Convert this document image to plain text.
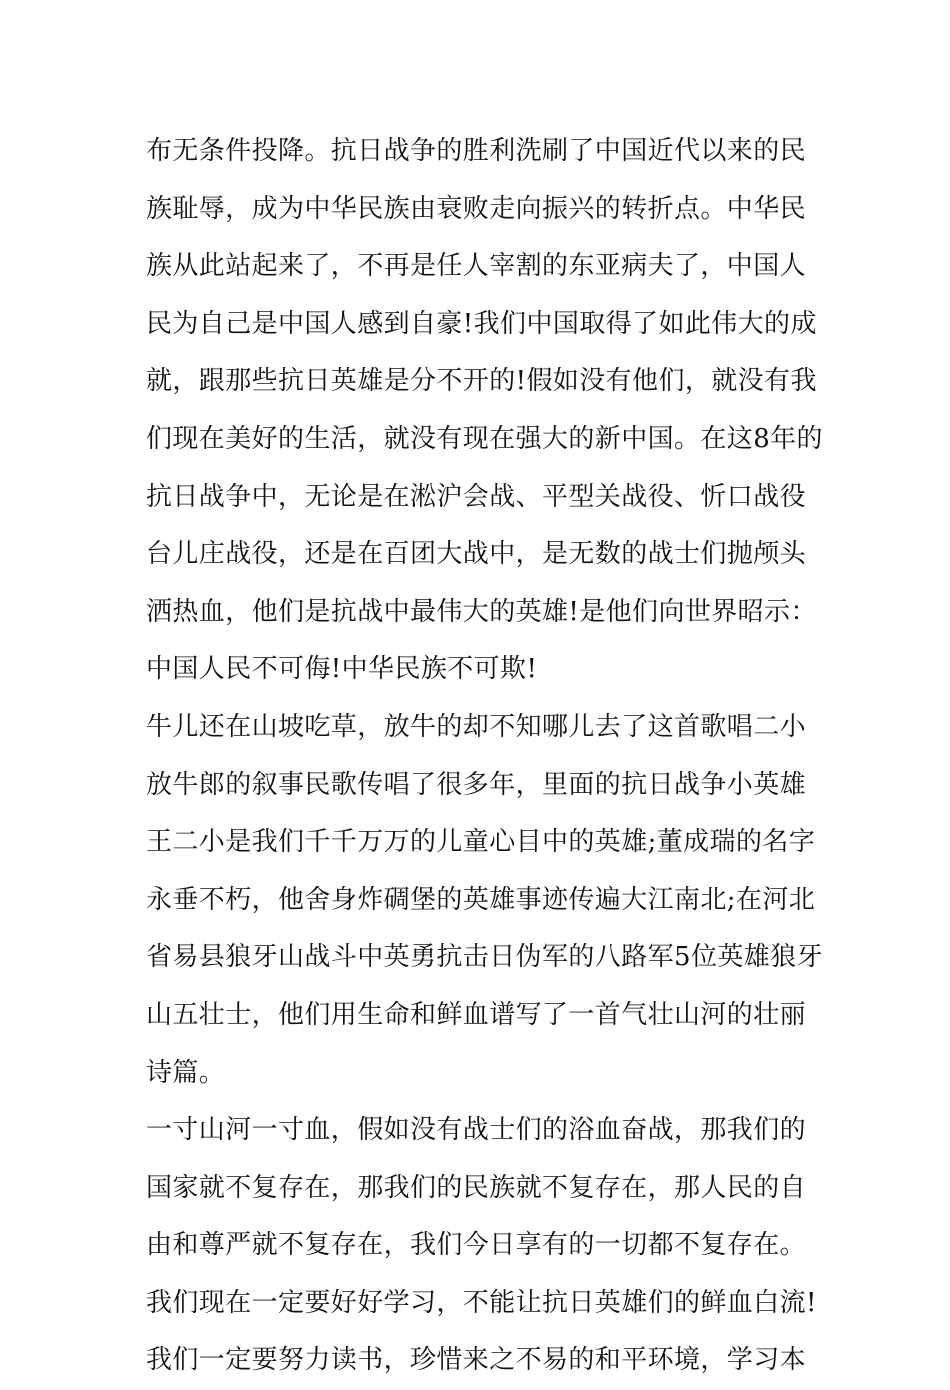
布无条件投降。抗日战争的胜利洗刷了中国近代以来的民
族耻辱，成为中华民族由衰败走向振兴的转折点。中华民
族从此站起来了，不再是任人宰割的东亚病夫了，中国人
民为自己是中国人感到自豪!我们中国取得了如此伟大的成
就，跟那些抗日英雄是分不开的!假如没有他们，就没有我
们现在美好的生活，就没有现在强大的新中国。在这8年的
抗日战争中，无论是在淞沪会战、平型关战役、忻口战役
台儿庄战役，还是在百团大战中，是无数的战士们抛颅头
洒热血，他们是抗战中最伟大的英雄!是他们向世界昭示：
中国人民不可侮!中华民族不可欺!
牛儿还在山坡吃草，放牛的却不知哪儿去了这首歌唱二小
放牛郎的叙事民歌传唱了很多年，里面的抗日战争小英雄
王二小是我们千千万万的儿童心目中的英雄;董成瑞的名字
永垂不朽，他舍身炸碉堡的英雄事迹传遍大江南北;在河北
省易县狼牙山战斗中英勇抗击日伪军的八路军5位英雄狼牙
山五壮士，他们用生命和鲜血谱写了一首气壮山河的壮丽
诗篇。
一寸山河一寸血，假如没有战士们的浴血奋战，那我们的
国家就不复存在，那我们的民族就不复存在，那人民的自
由和尊严就不复存在，我们今日享有的一切都不复存在。
我们现在一定要好好学习，不能让抗日英雄们的鲜血白流!
我们一定要努力读书，珍惜来之不易的和平环境，学习本
